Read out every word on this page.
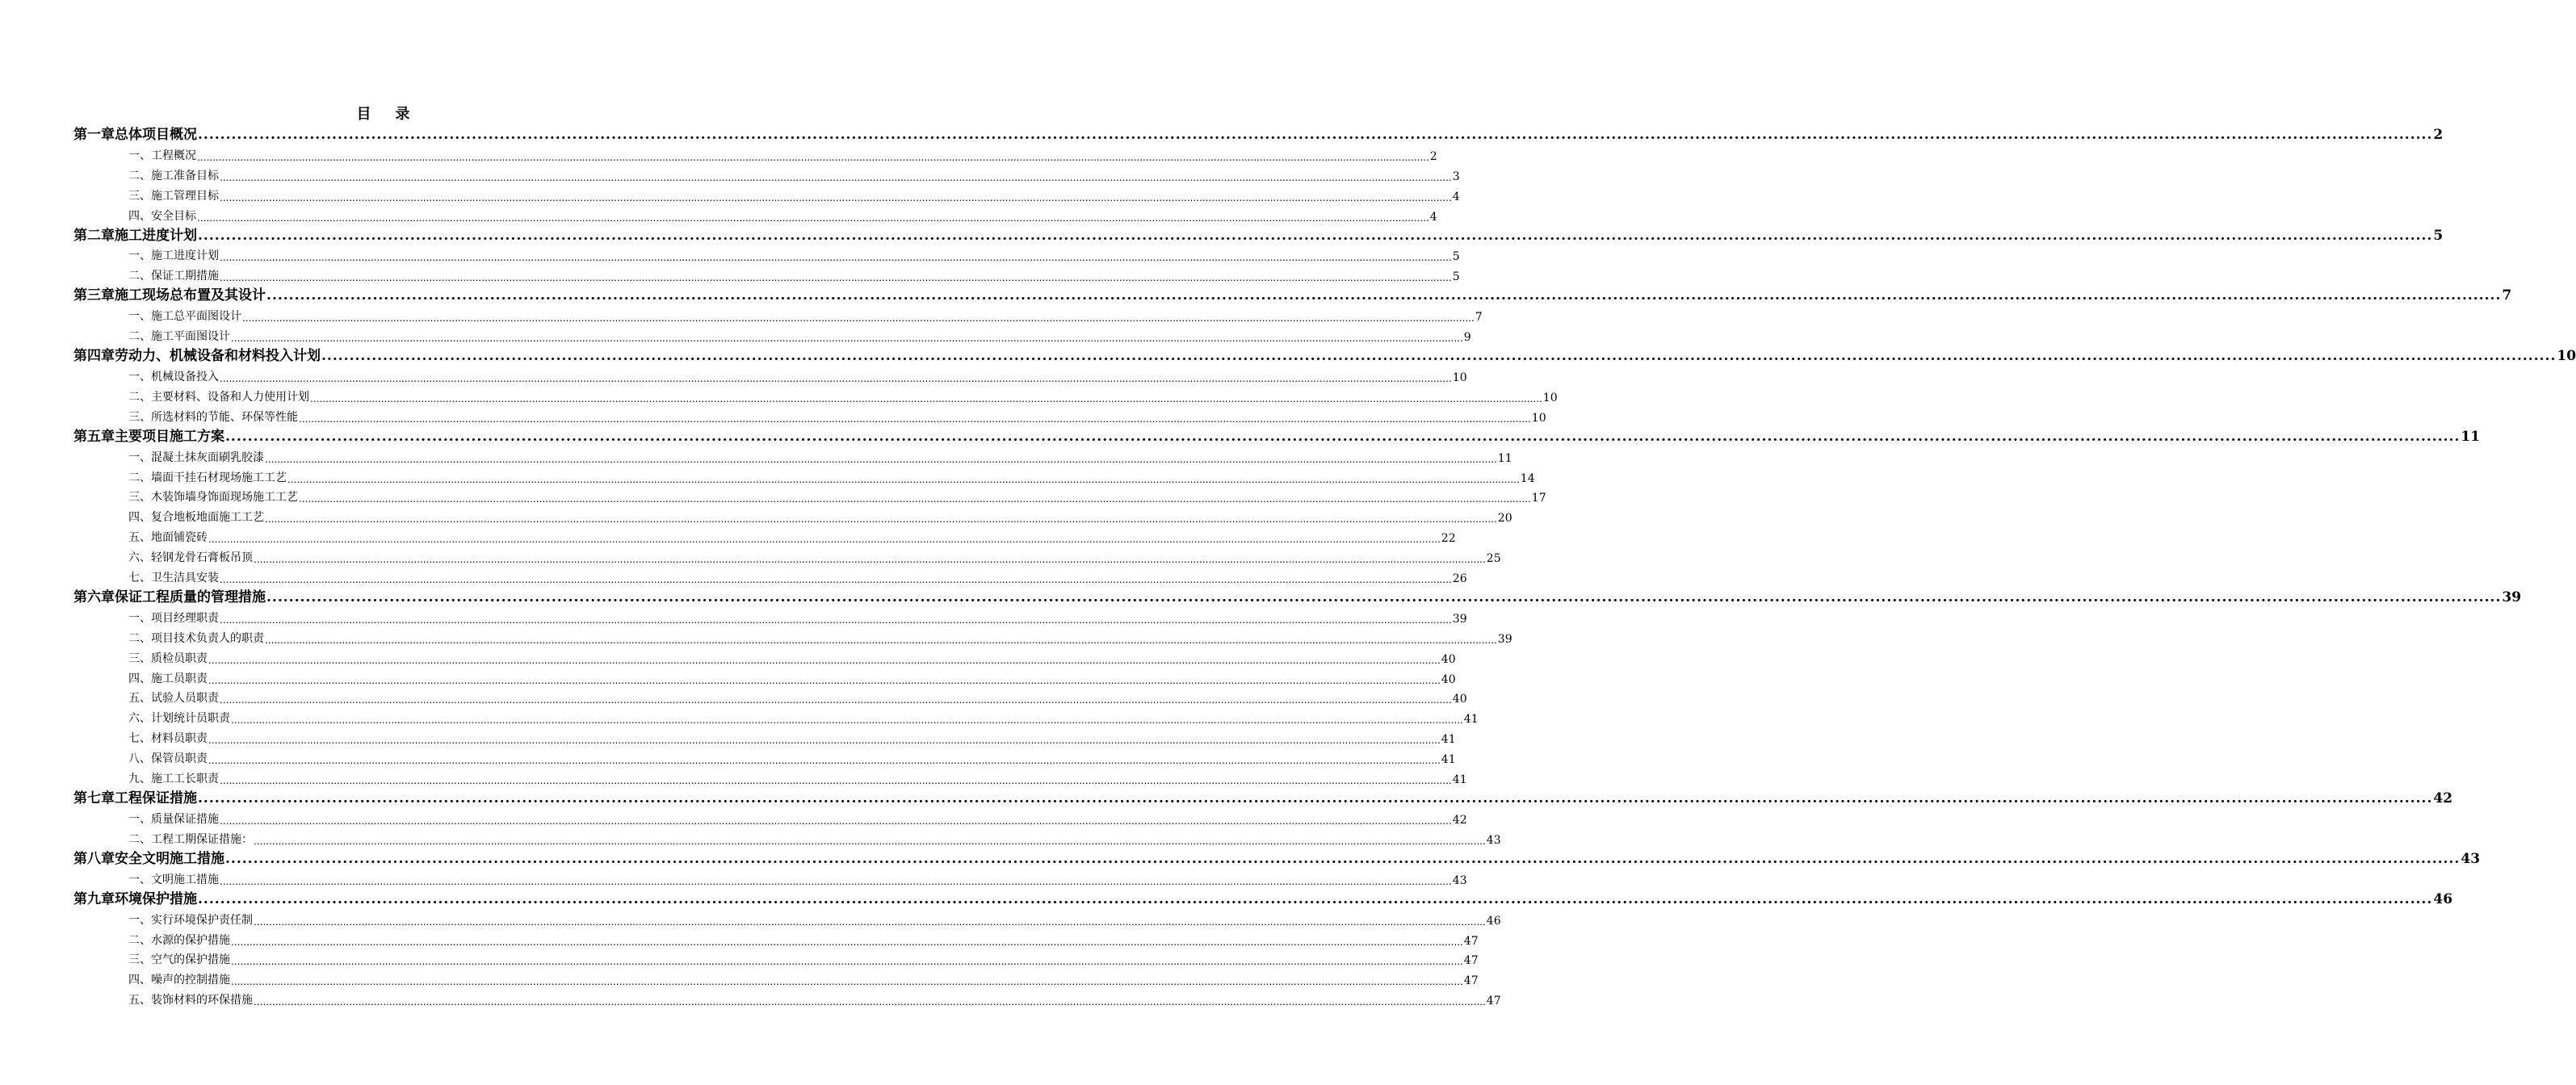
目    录
第一章 总体项目概况 ................................................................................................................................................................................................................................................................................................................................................................................................................ 2
一、工程概况 ................................................................................................................................................................................................................................................................................................................................................................................................................ 2
二、施工准备目标 ................................................................................................................................................................................................................................................................................................................................................................................................................ 3
三、施工管理目标 ................................................................................................................................................................................................................................................................................................................................................................................................................ 4
四、安全目标 ................................................................................................................................................................................................................................................................................................................................................................................................................ 4
第二章 施工进度计划 ................................................................................................................................................................................................................................................................................................................................................................................................................ 5
一、施工进度计划 ................................................................................................................................................................................................................................................................................................................................................................................................................ 5
二、保证工期措施 ................................................................................................................................................................................................................................................................................................................................................................................................................ 5
第三章 施工现场总布置及其设计 ................................................................................................................................................................................................................................................................................................................................................................................................................ 7
一、施工总平面图设计 ................................................................................................................................................................................................................................................................................................................................................................................................................ 7
二、施工平面图设计 ................................................................................................................................................................................................................................................................................................................................................................................................................ 9
第四章 劳动力、机械设备和材料投入计划 ................................................................................................................................................................................................................................................................................................................................................................................................................ 10
一、机械设备投入 ................................................................................................................................................................................................................................................................................................................................................................................................................ 10
二、主要材料、设备和人力使用计划 ................................................................................................................................................................................................................................................................................................................................................................................................................ 10
三、所选材料的节能、环保等性能 ................................................................................................................................................................................................................................................................................................................................................................................................................ 10
第五章 主要项目施工方案 ................................................................................................................................................................................................................................................................................................................................................................................................................ 11
一、混凝土抹灰面刷乳胶漆 ................................................................................................................................................................................................................................................................................................................................................................................................................ 11
二、墙面干挂石材现场施工工艺 ................................................................................................................................................................................................................................................................................................................................................................................................................ 14
三、木装饰墙身饰面现场施工工艺 ................................................................................................................................................................................................................................................................................................................................................................................................................ 17
四、复合地板地面施工工艺 ................................................................................................................................................................................................................................................................................................................................................................................................................ 20
五、地面铺瓷砖 ................................................................................................................................................................................................................................................................................................................................................................................................................ 22
六、轻钢龙骨石膏板吊顶 ................................................................................................................................................................................................................................................................................................................................................................................................................ 25
七、卫生洁具安装 ................................................................................................................................................................................................................................................................................................................................................................................................................ 26
第六章 保证工程质量的管理措施 ................................................................................................................................................................................................................................................................................................................................................................................................................ 39
一、项目经理职责 ................................................................................................................................................................................................................................................................................................................................................................................................................ 39
二、项目技术负责人的职责 ................................................................................................................................................................................................................................................................................................................................................................................................................ 39
三、质检员职责 ................................................................................................................................................................................................................................................................................................................................................................................................................ 40
四、施工员职责 ................................................................................................................................................................................................................................................................................................................................................................................................................ 40
五、试验人员职责 ................................................................................................................................................................................................................................................................................................................................................................................................................ 40
六、计划统计员职责 ................................................................................................................................................................................................................................................................................................................................................................................................................ 41
七、材料员职责 ................................................................................................................................................................................................................................................................................................................................................................................................................ 41
八、保管员职责 ................................................................................................................................................................................................................................................................................................................................................................................................................ 41
九、施工工长职责 ................................................................................................................................................................................................................................................................................................................................................................................................................ 41
第七章 工程保证措施 ................................................................................................................................................................................................................................................................................................................................................................................................................ 42
一、质量保证措施 ................................................................................................................................................................................................................................................................................................................................................................................................................ 42
二、工程工期保证措施： ................................................................................................................................................................................................................................................................................................................................................................................................................ 43
第八章 安全文明施工措施 ................................................................................................................................................................................................................................................................................................................................................................................................................ 43
一、文明施工措施 ................................................................................................................................................................................................................................................................................................................................................................................................................ 43
第九章 环境保护措施 ................................................................................................................................................................................................................................................................................................................................................................................................................ 46
一、实行环境保护责任制 ................................................................................................................................................................................................................................................................................................................................................................................................................ 46
二、水源的保护措施 ................................................................................................................................................................................................................................................................................................................................................................................................................ 47
三、空气的保护措施 ................................................................................................................................................................................................................................................................................................................................................................................................................ 47
四、噪声的控制措施 ................................................................................................................................................................................................................................................................................................................................................................................................................ 47
五、装饰材料的环保措施 ................................................................................................................................................................................................................................................................................................................................................................................................................ 47
